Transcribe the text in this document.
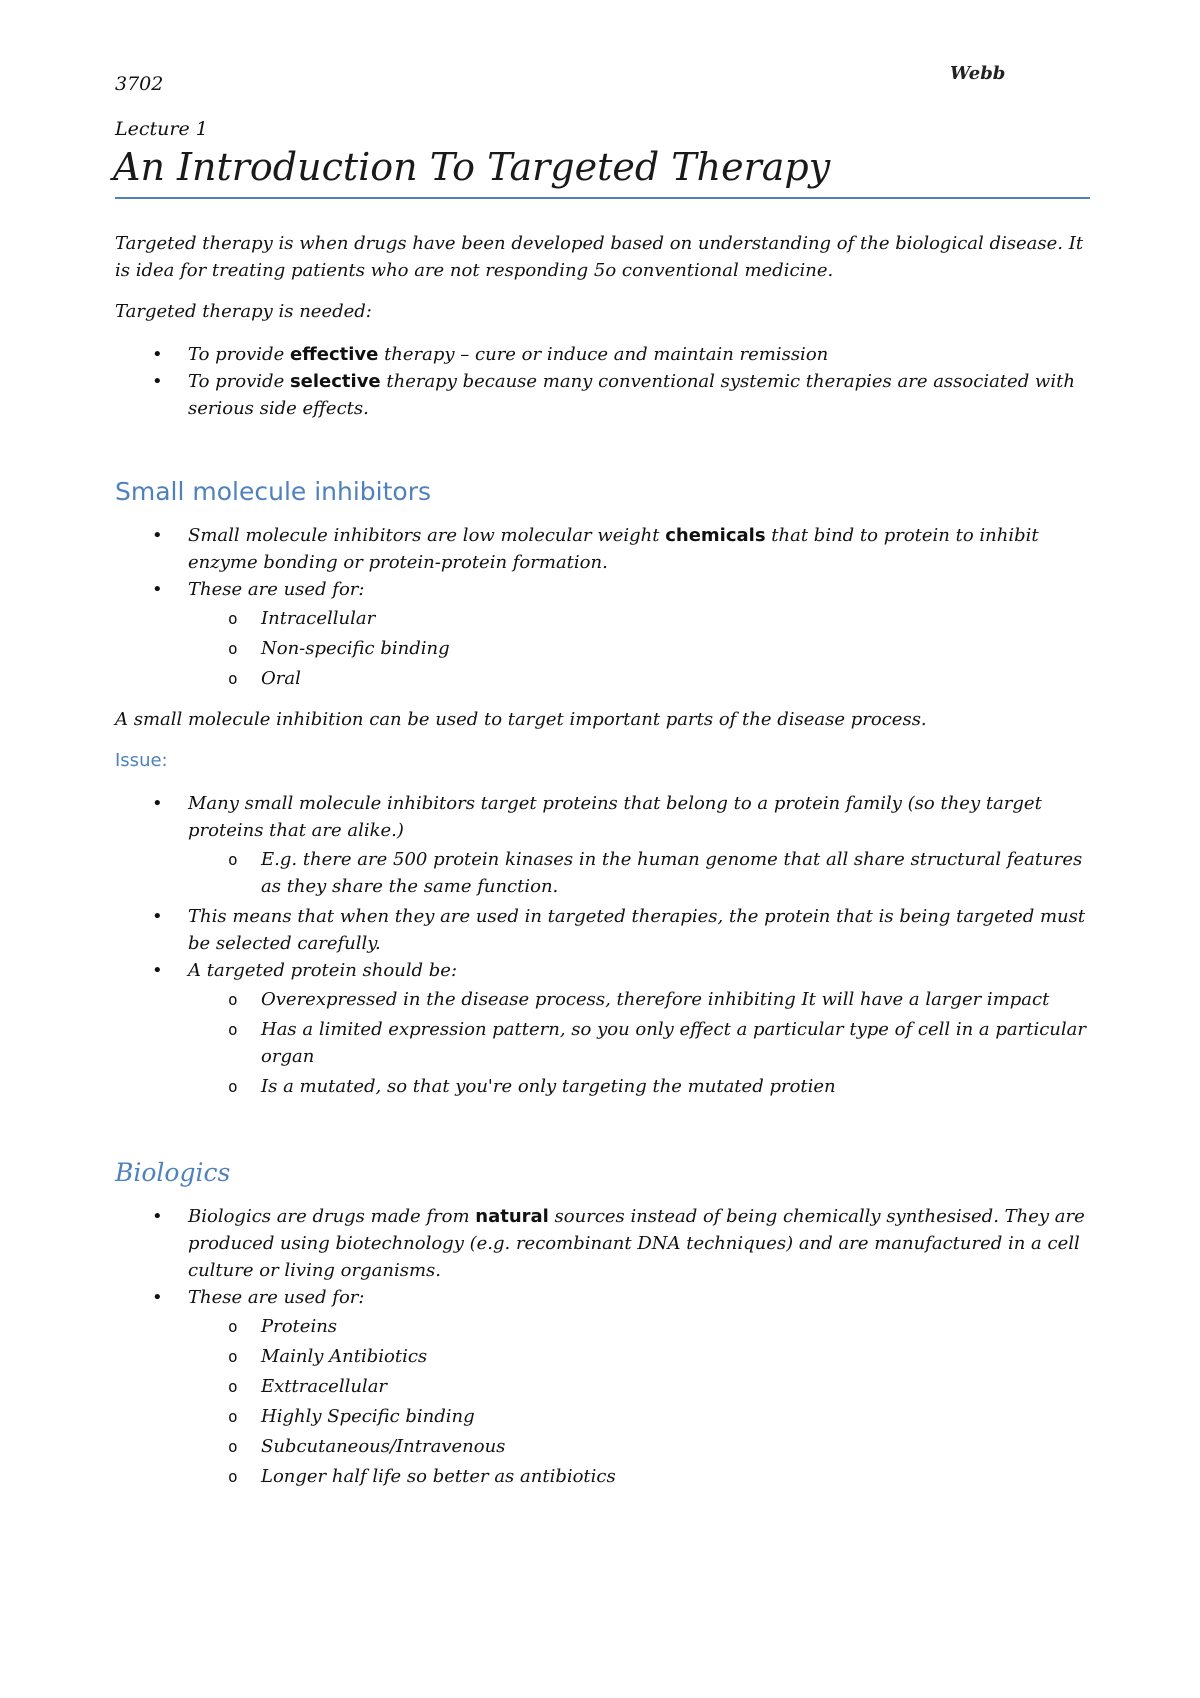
3702	Webb
Lecture 1
An Introduction To Targeted Therapy

Targeted therapy is when drugs have been developed based on understanding of the biological disease. It is idea for treating patients who are not responding 5o conventional medicine.

Targeted therapy is needed:

• To provide effective therapy – cure or induce and maintain remission
• To provide selective therapy because many conventional systemic therapies are associated with serious side effects.

Small molecule inhibitors

• Small molecule inhibitors are low molecular weight chemicals that bind to protein to inhibit enzyme bonding or protein-protein formation.
• These are used for:
o Intracellular
o Non-specific binding
o Oral

A small molecule inhibition can be used to target important parts of the disease process.

Issue:

• Many small molecule inhibitors target proteins that belong to a protein family (so they target proteins that are alike.)
o E.g. there are 500 protein kinases in the human genome that all share structural features as they share the same function.
• This means that when they are used in targeted therapies, the protein that is being targeted must be selected carefully.
• A targeted protein should be:
o Overexpressed in the disease process, therefore inhibiting It will have a larger impact
o Has a limited expression pattern, so you only effect a particular type of cell in a particular organ
o Is a mutated, so that you're only targeting the mutated protien

Biologics

• Biologics are drugs made from natural sources instead of being chemically synthesised. They are produced using biotechnology (e.g. recombinant DNA techniques) and are manufactured in a cell culture or living organisms.
• These are used for:
o Proteins
o Mainly Antibiotics
o Exttracellular
o Highly Specific binding
o Subcutaneous/Intravenous
o Longer half life so better as antibiotics
